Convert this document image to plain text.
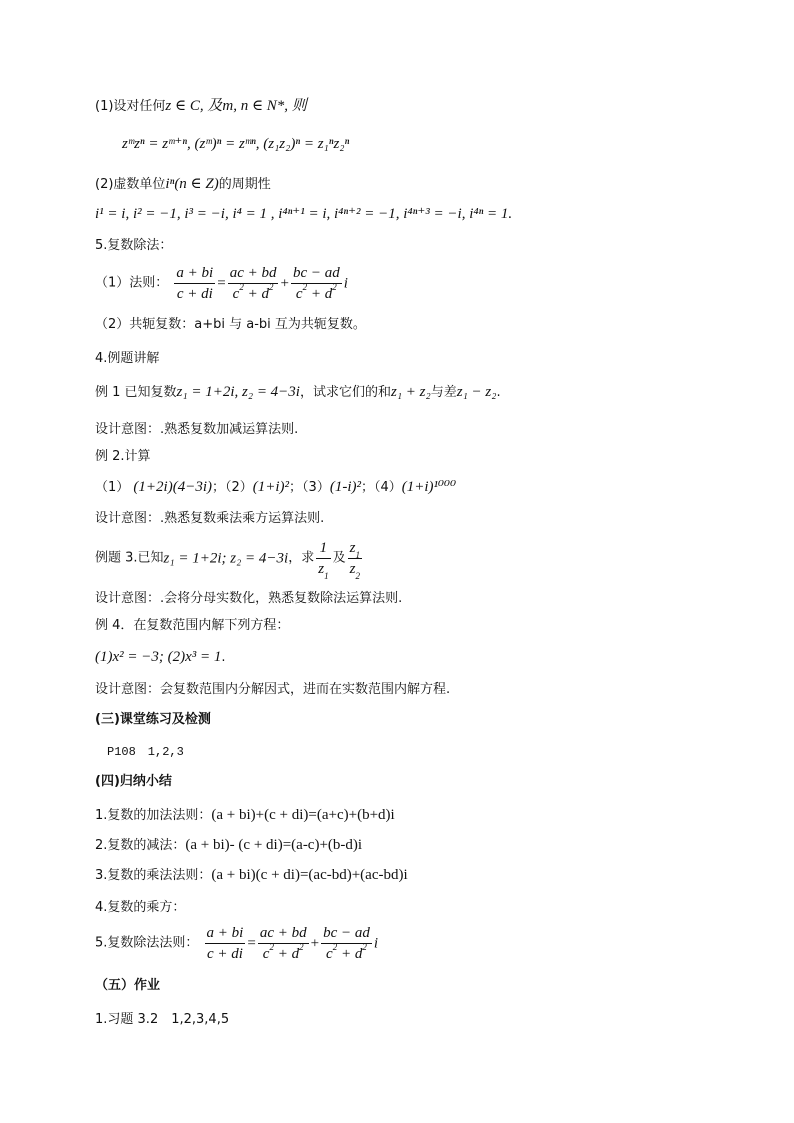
(1)设对任何z ∈ C, 及m, n ∈ N*, 则
zᵐzⁿ = zᵐ⁺ⁿ, (zᵐ)ⁿ = zᵐⁿ, (z₁z₂)ⁿ = z₁ⁿz₂ⁿ
(2)虚数单位iⁿ(n ∈ Z)的周期性
i¹ = i, i² = −1, i³ = −i, i⁴ = 1 , i⁴ⁿ⁺¹ = i, i⁴ⁿ⁺² = −1, i⁴ⁿ⁺³ = −i, i⁴ⁿ = 1.
5.复数除法：
（1）法则： $\frac{a + bi}{c + di} = \frac{ac + bd}{c^2 + d^2} + \frac{bc - ad}{c^2 + d^2}$ i
（2）共轭复数：a+bi 与 a-bi 互为共轭复数。
4.例题讲解
例 1 已知复数z₁ = 1+2i, z₂ = 4−3i，试求它们的和z₁ + z₂与差z₁ − z₂.
设计意图：.熟悉复数加减运算法则.
例 2.计算
（1） (1+2i)(4−3i)；（2）(1+i)²；（3）(1-i)²；（4）(1+i)¹⁰⁰⁰
设计意图：.熟悉复数乘法乘方运算法则.
例题 3.已知z₁ = 1+2i; z₂ = 4−3i，求 $\frac{1}{z_1}$ 及 $\frac{z_1}{z_2}$
设计意图：.会将分母实数化，熟悉复数除法运算法则.
例 4．在复数范围内解下列方程：
(1)x² = −3; (2)x³ = 1.
设计意图：会复数范围内分解因式，进而在实数范围内解方程.
(三)课堂练习及检测
P108　1,2,3
(四)归纳小结
1.复数的加法法则：(a + bi)+(c + di)=(a+c)+(b+d)i
2.复数的减法：(a + bi)- (c + di)=(a-c)+(b-d)i
3.复数的乘法法则：(a + bi)(c + di)=(ac-bd)+(ac-bd)i
4.复数的乘方：
5.复数除法法则： $\frac{a + bi}{c + di} = \frac{ac + bd}{c^2 + d^2} + \frac{bc - ad}{c^2 + d^2}$ i
（五）作业
1.习题 3.2　1,2,3,4,5
